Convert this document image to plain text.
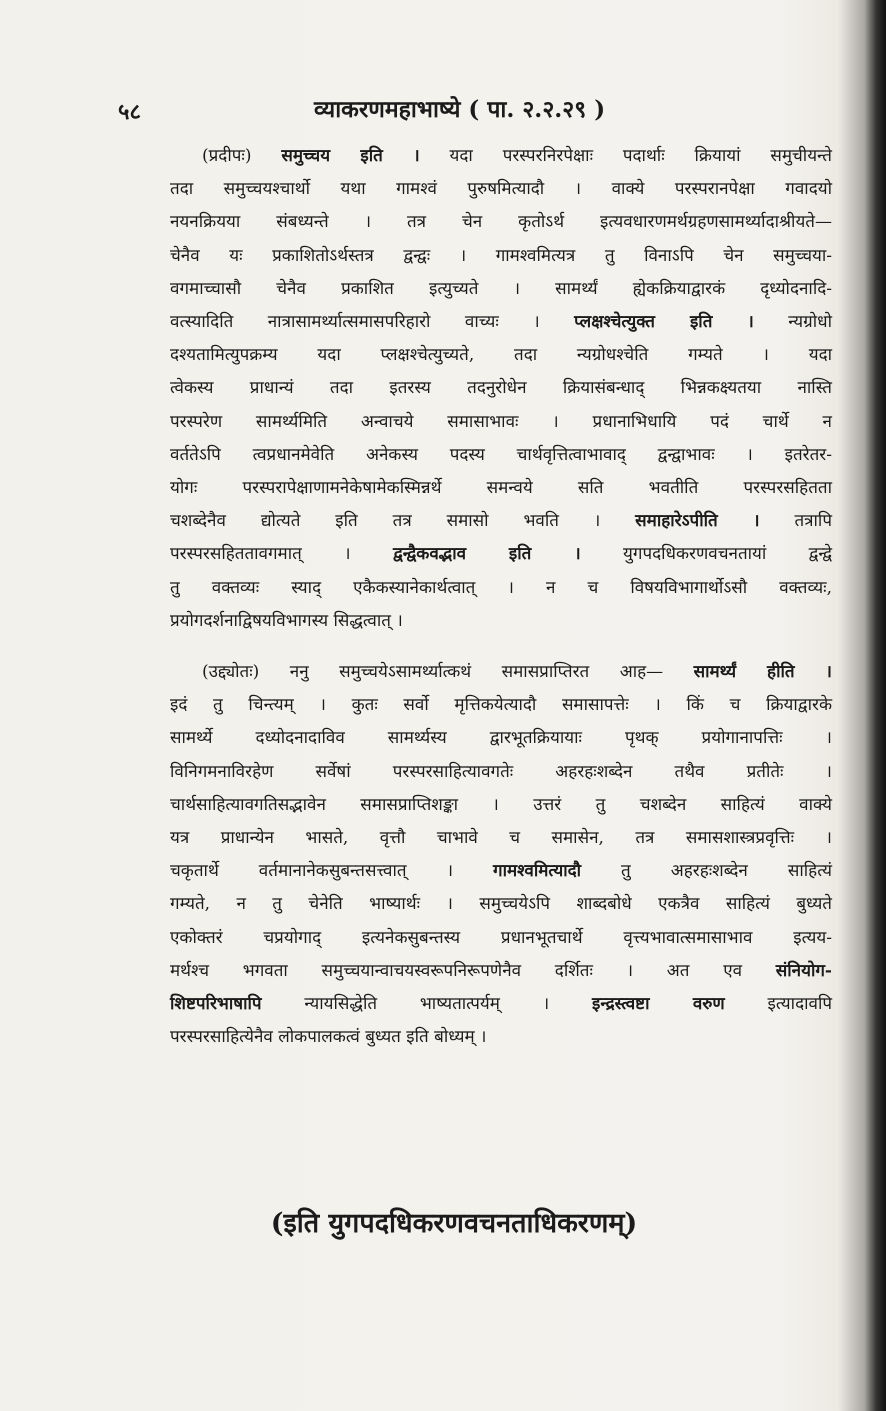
५८	व्याकरणमहाभाष्ये ( पा. २.२.२९ )

(प्रदीपः) समुच्चय इति । यदा परस्परनिरपेक्षाः पदार्थाः क्रियायां समुचीयन्ते

तदा समुच्चयश्चार्थो यथा गामश्वं पुरुषमित्यादौ । वाक्ये परस्परानपेक्षा गवादयो

नयनक्रियया संबध्यन्ते । तत्र चेन कृतोऽर्थ इत्यवधारणमर्थग्रहणसामर्थ्यादाश्रीयते—

चेनैव यः प्रकाशितोऽर्थस्तत्र द्वन्द्वः । गामश्वमित्यत्र तु विनाऽपि चेन समुच्चया-

वगमाच्चासौ चेनैव प्रकाशित इत्युच्यते । सामर्थ्यं ह्येकक्रियाद्वारकं दृध्योदनादि-

वत्स्यादिति नात्रासामर्थ्यात्समासपरिहारो वाच्यः । प्लक्षश्चेत्युक्त इति । न्यग्रोधो

दश्यतामित्युपक्रम्य यदा प्लक्षश्चेत्युच्यते, तदा न्यग्रोधश्चेति गम्यते । यदा

त्वेकस्य प्राधान्यं तदा इतरस्य तदनुरोधेन क्रियासंबन्धाद् भिन्नकक्ष्यतया नास्ति

परस्परेण सामर्थ्यमिति अन्वाचये समासाभावः । प्रधानाभिधायि पदं चार्थे न

वर्ततेऽपि त्वप्रधानमेवेति अनेकस्य पदस्य चार्थवृत्तित्वाभावाद् द्वन्द्वाभावः । इतरेतर-

योगः परस्परापेक्षाणामनेकेषामेकस्मिन्नर्थे समन्वये सति भवतीति परस्परसहितता

चशब्देनैव द्योत्यते इति तत्र समासो भवति । समाहारेऽपीति । तत्रापि

परस्परसहिततावगमात् । द्वन्द्वैकवद्भाव इति । युगपदधिकरणवचनतायां द्वन्द्वे

तु वक्तव्यः स्याद् एकैकस्यानेकार्थत्वात् । न च विषयविभागार्थोऽसौ वक्तव्यः,

प्रयोगदर्शनाद्विषयविभागस्य सिद्धत्वात् ।

(उद्द्योतः) ननु समुच्चयेऽसामर्थ्यात्कथं समासप्राप्तिरत आह— सामर्थ्यं हीति ।

इदं तु चिन्त्यम् । कुतः सर्वो मृत्तिकयेत्यादौ समासापत्तेः । किं च क्रियाद्वारके

सामर्थ्ये दध्योदनादाविव सामर्थ्यस्य द्वारभूतक्रियायाः पृथक् प्रयोगानापत्तिः ।

विनिगमनाविरहेण सर्वेषां परस्परसाहित्यावगतेः अहरहःशब्देन तथैव प्रतीतेः ।

चार्थसाहित्यावगतिसद्भावेन समासप्राप्तिशङ्का । उत्तरं तु चशब्देन साहित्यं वाक्ये

यत्र प्राधान्येन भासते, वृत्तौ चाभावे च समासेन, तत्र समासशास्त्रप्रवृत्तिः ।

चकृतार्थे वर्तमानानेकसुबन्तसत्त्वात् । गामश्वमित्यादौ तु अहरहःशब्देन साहित्यं

गम्यते, न तु चेनेति भाष्यार्थः । समुच्चयेऽपि शाब्दबोधे एकत्रैव साहित्यं बुध्यते

एकोक्तरं चप्रयोगाद् इत्यनेकसुबन्तस्य प्रधानभूतचार्थे वृत्त्यभावात्समासाभाव इत्यय-

मर्थश्च भगवता समुच्चयान्वाचयस्वरूपनिरूपणेनैव दर्शितः । अत एव संनियोग-

शिष्टपरिभाषापि न्यायसिद्धेति भाष्यतात्पर्यम् । इन्द्रस्त्वष्टा वरुण इत्यादावपि

परस्परसाहित्येनैव लोकपालकत्वं बुध्यत इति बोध्यम् ।

(इति युगपदधिकरणवचनताधिकरणम्)
